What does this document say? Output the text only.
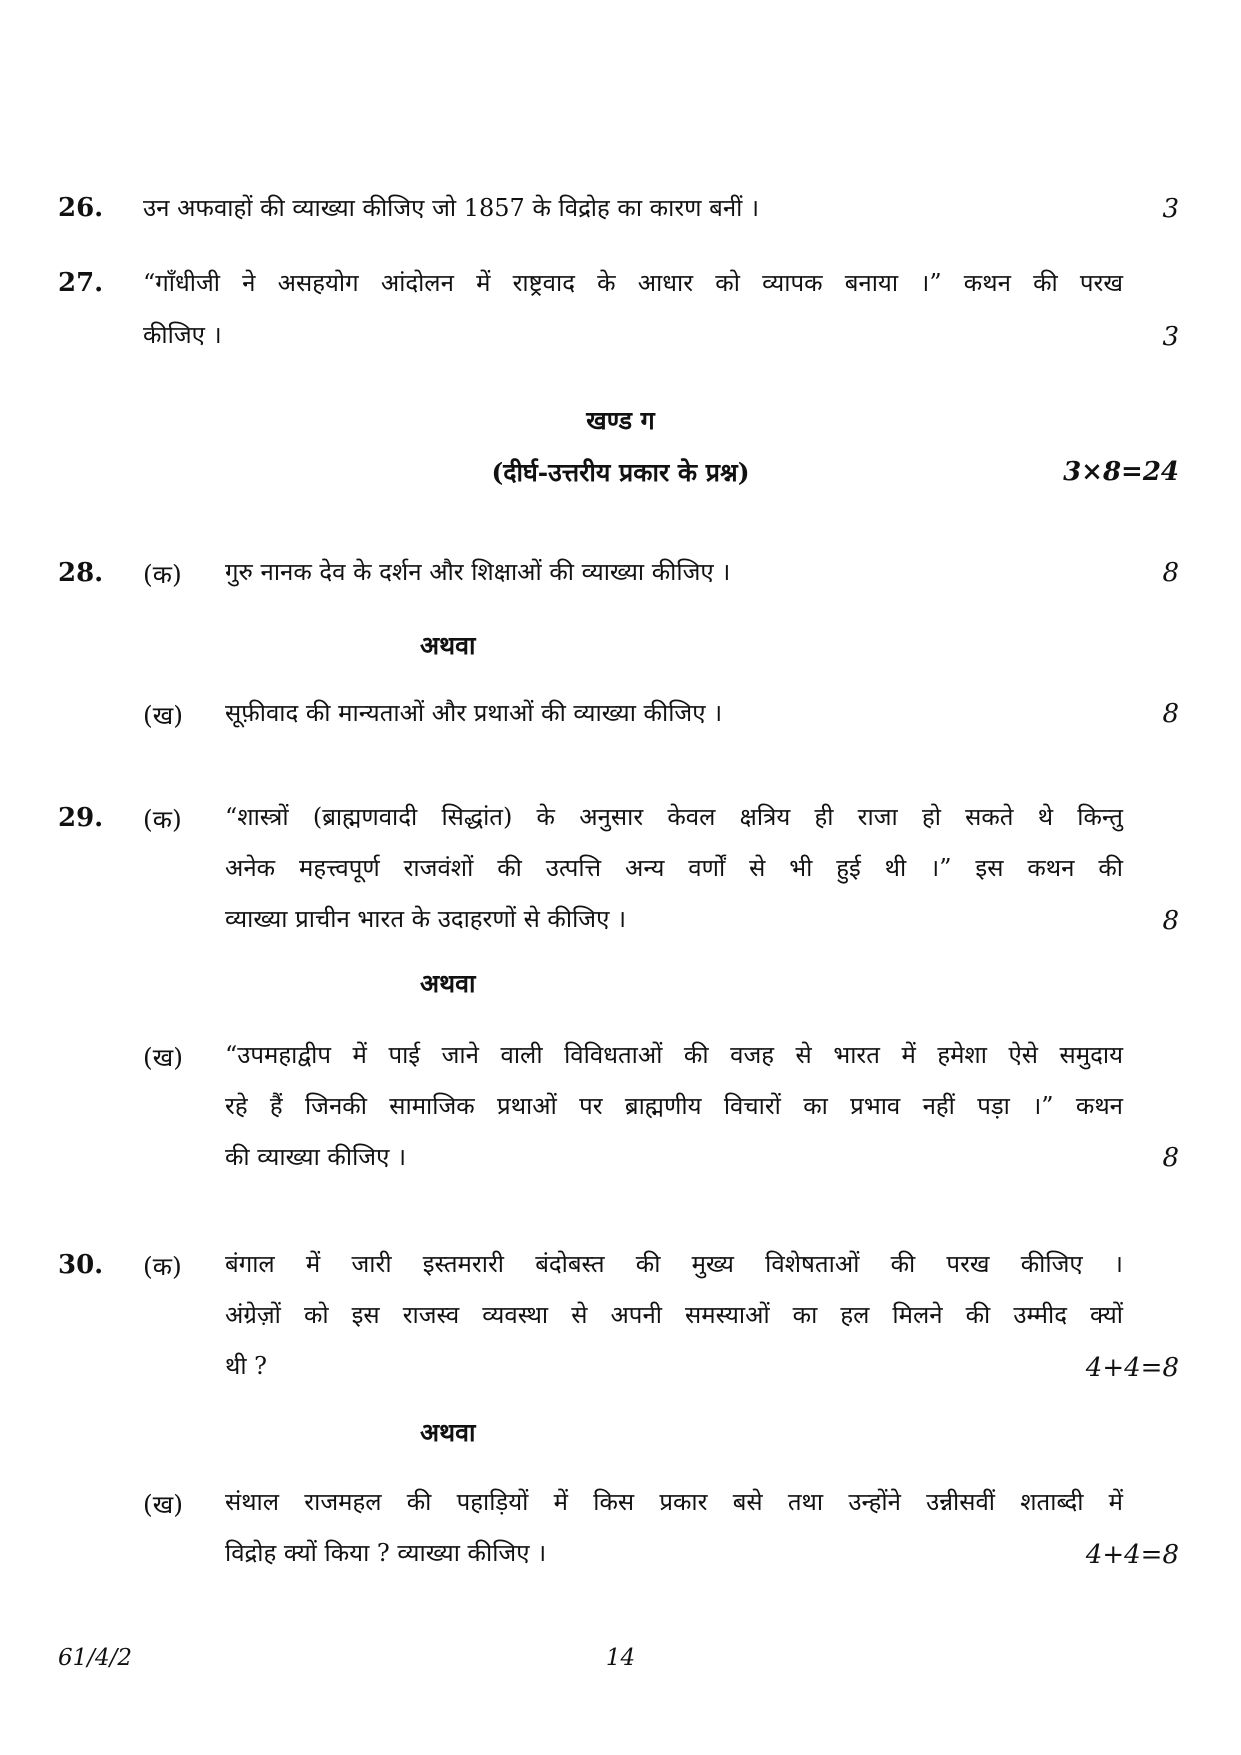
26. उन अफवाहों की व्याख्या कीजिए जो 1857 के विद्रोह का कारण बनीं ।	3
27. “गाँधीजी ने असहयोग आंदोलन में राष्ट्रवाद के आधार को व्यापक बनाया ।” कथन की परख
कीजिए ।	3
खण्ड ग
(दीर्घ-उत्तरीय प्रकार के प्रश्न)	3×8=24
28. (क) गुरु नानक देव के दर्शन और शिक्षाओं की व्याख्या कीजिए ।	8
अथवा
(ख) सूफ़ीवाद की मान्यताओं और प्रथाओं की व्याख्या कीजिए ।	8
29. (क) “शास्त्रों (ब्राह्मणवादी सिद्धांत) के अनुसार केवल क्षत्रिय ही राजा हो सकते थे किन्तु
अनेक महत्त्वपूर्ण राजवंशों की उत्पत्ति अन्य वर्णों से भी हुई थी ।” इस कथन की
व्याख्या प्राचीन भारत के उदाहरणों से कीजिए ।	8
अथवा
(ख) “उपमहाद्वीप में पाई जाने वाली विविधताओं की वजह से भारत में हमेशा ऐसे समुदाय
रहे हैं जिनकी सामाजिक प्रथाओं पर ब्राह्मणीय विचारों का प्रभाव नहीं पड़ा ।” कथन
की व्याख्या कीजिए ।	8
30. (क) बंगाल में जारी इस्तमरारी बंदोबस्त की मुख्य विशेषताओं की परख कीजिए ।
अंग्रेज़ों को इस राजस्व व्यवस्था से अपनी समस्याओं का हल मिलने की उम्मीद क्यों
थी ?	4+4=8
अथवा
(ख) संथाल राजमहल की पहाड़ियों में किस प्रकार बसे तथा उन्होंने उन्नीसवीं शताब्दी में
विद्रोह क्यों किया ? व्याख्या कीजिए ।	4+4=8
61/4/2	14
